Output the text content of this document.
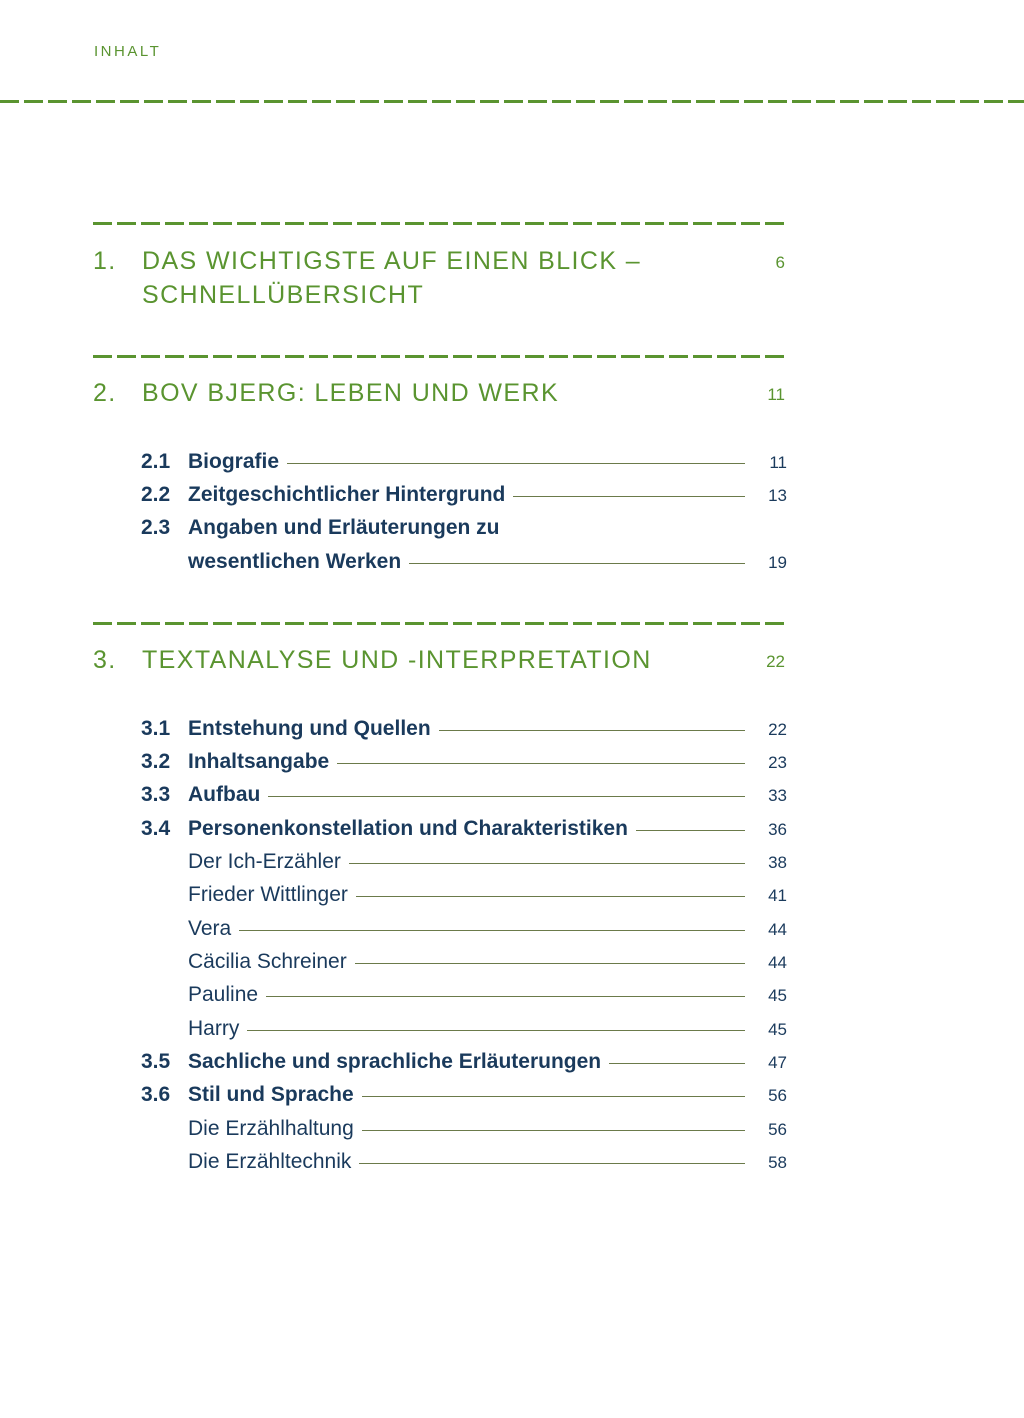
INHALT
1. DAS WICHTIGSTE AUF EINEN BLICK –
SCHNELLÜBERSICHT
6
2. BOV BJERG: LEBEN UND WERK	11
2.1 Biografie	11
2.2 Zeitgeschichtlicher Hintergrund	13
2.3 Angaben und Erläuterungen zu
wesentlichen Werken	19
3. TEXTANALYSE UND -INTERPRETATION	22
3.1 Entstehung und Quellen	22
3.2 Inhaltsangabe	23
3.3 Aufbau	33
3.4 Personenkonstellation und Charakteristiken	36
Der Ich-Erzähler	38
Frieder Wittlinger	41
Vera	44
Cäcilia Schreiner	44
Pauline	45
Harry	45
3.5 Sachliche und sprachliche Erläuterungen	47
3.6 Stil und Sprache	56
Die Erzählhaltung	56
Die Erzähltechnik	58
